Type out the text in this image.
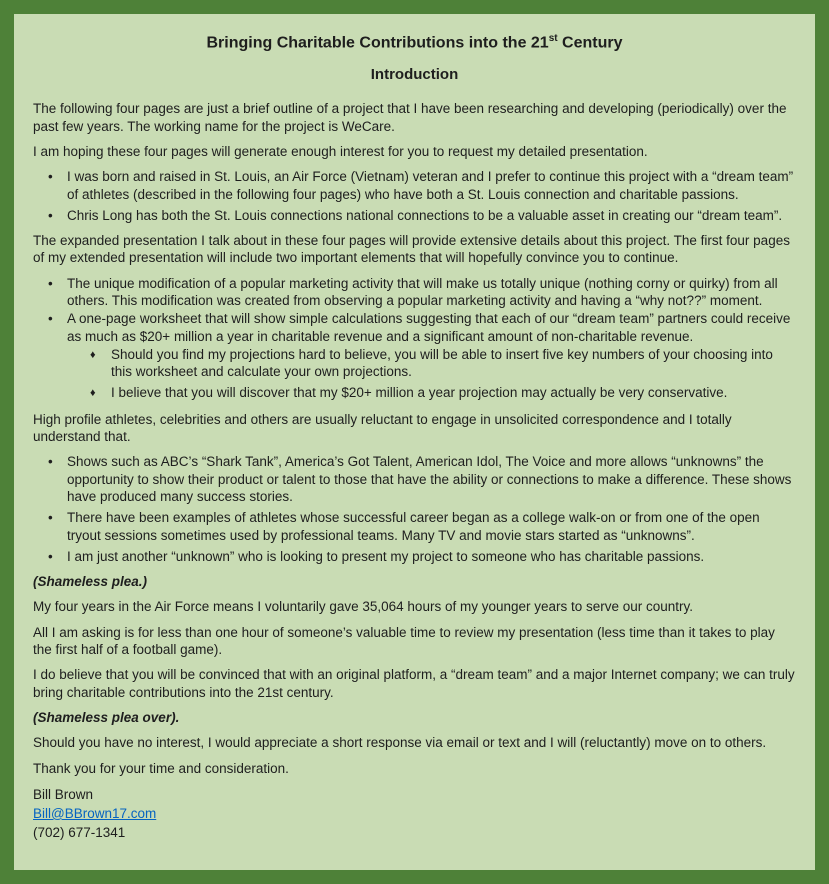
Bringing Charitable Contributions into the 21st Century
Introduction

The following four pages are just a brief outline of a project that I have been researching and developing (periodically) over the past few years. The working name for the project is WeCare.

I am hoping these four pages will generate enough interest for you to request my detailed presentation.

•	I was born and raised in St. Louis, an Air Force (Vietnam) veteran and I prefer to continue this project with a “dream team” of athletes (described in the following four pages) who have both a St. Louis connection and charitable passions.
•	Chris Long has both the St. Louis connections national connections to be a valuable asset in creating our “dream team”.

The expanded presentation I talk about in these four pages will provide extensive details about this project. The first four pages of my extended presentation will include two important elements that will hopefully convince you to continue.

•	The unique modification of a popular marketing activity that will make us totally unique (nothing corny or quirky) from all others. This modification was created from observing a popular marketing activity and having a “why not??” moment.
•	A one-page worksheet that will show simple calculations suggesting that each of our “dream team” partners could receive as much as $20+ million a year in charitable revenue and a significant amount of non-charitable revenue.
♦	Should you find my projections hard to believe, you will be able to insert five key numbers of your choosing into this worksheet and calculate your own projections.
♦	I believe that you will discover that my $20+ million a year projection may actually be very conservative.

High profile athletes, celebrities and others are usually reluctant to engage in unsolicited correspondence and I totally understand that.

•	Shows such as ABC’s “Shark Tank”, America’s Got Talent, American Idol, The Voice and more allows “unknowns” the opportunity to show their product or talent to those that have the ability or connections to make a difference. These shows have produced many success stories.
•	There have been examples of athletes whose successful career began as a college walk-on or from one of the open tryout sessions sometimes used by professional teams. Many TV and movie stars started as “unknowns”.
•	I am just another “unknown” who is looking to present my project to someone who has charitable passions.

(Shameless plea.)

My four years in the Air Force means I voluntarily gave 35,064 hours of my younger years to serve our country.

All I am asking is for less than one hour of someone’s valuable time to review my presentation (less time than it takes to play the first half of a football game).

I do believe that you will be convinced that with an original platform, a “dream team” and a major Internet company; we can truly bring charitable contributions into the 21st century.

(Shameless plea over).

Should you have no interest, I would appreciate a short response via email or text and I will (reluctantly) move on to others.

Thank you for your time and consideration.

Bill Brown

Bill@BBrown17.com

(702) 677-1341
